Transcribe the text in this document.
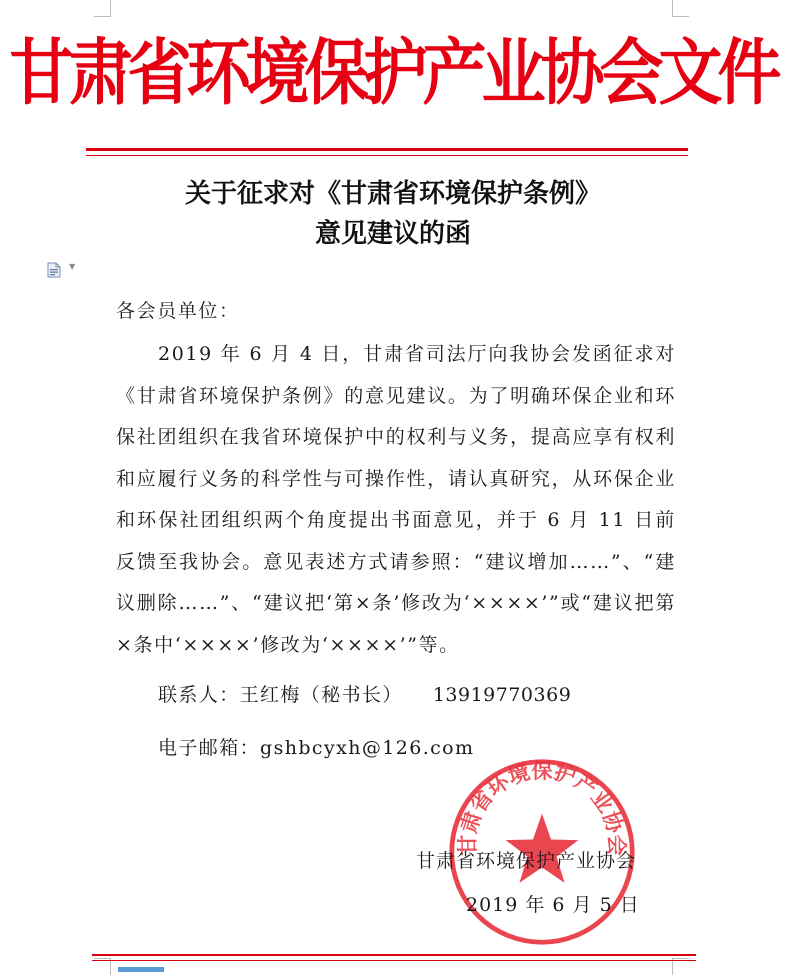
甘肃省环境保护产业协会文件
关于征求对《甘肃省环境保护条例》
意见建议的函
▼
各会员单位：
2019 年 6 月 4 日，甘肃省司法厅向我协会发函征求对《甘肃省环境保护条例》的意见建议。为了明确环保企业和环保社团组织在我省环境保护中的权利与义务，提高应享有权利和应履行义务的科学性与可操作性，请认真研究，从环保企业和环保社团组织两个角度提出书面意见，并于 6 月 11 日前反馈至我协会。意见表述方式请参照：“建议增加……”、“建议删除……”、“建议把‘第×条’修改为‘××××’”或“建议把第×条中‘××××’修改为‘××××’”等。
联系人：王红梅（秘书长） 13919770369
电子邮箱：gshbcyxh@126.com
甘肃省环境保护产业协会
甘肃省环境保护产业协会
2019 年 6 月 5 日
